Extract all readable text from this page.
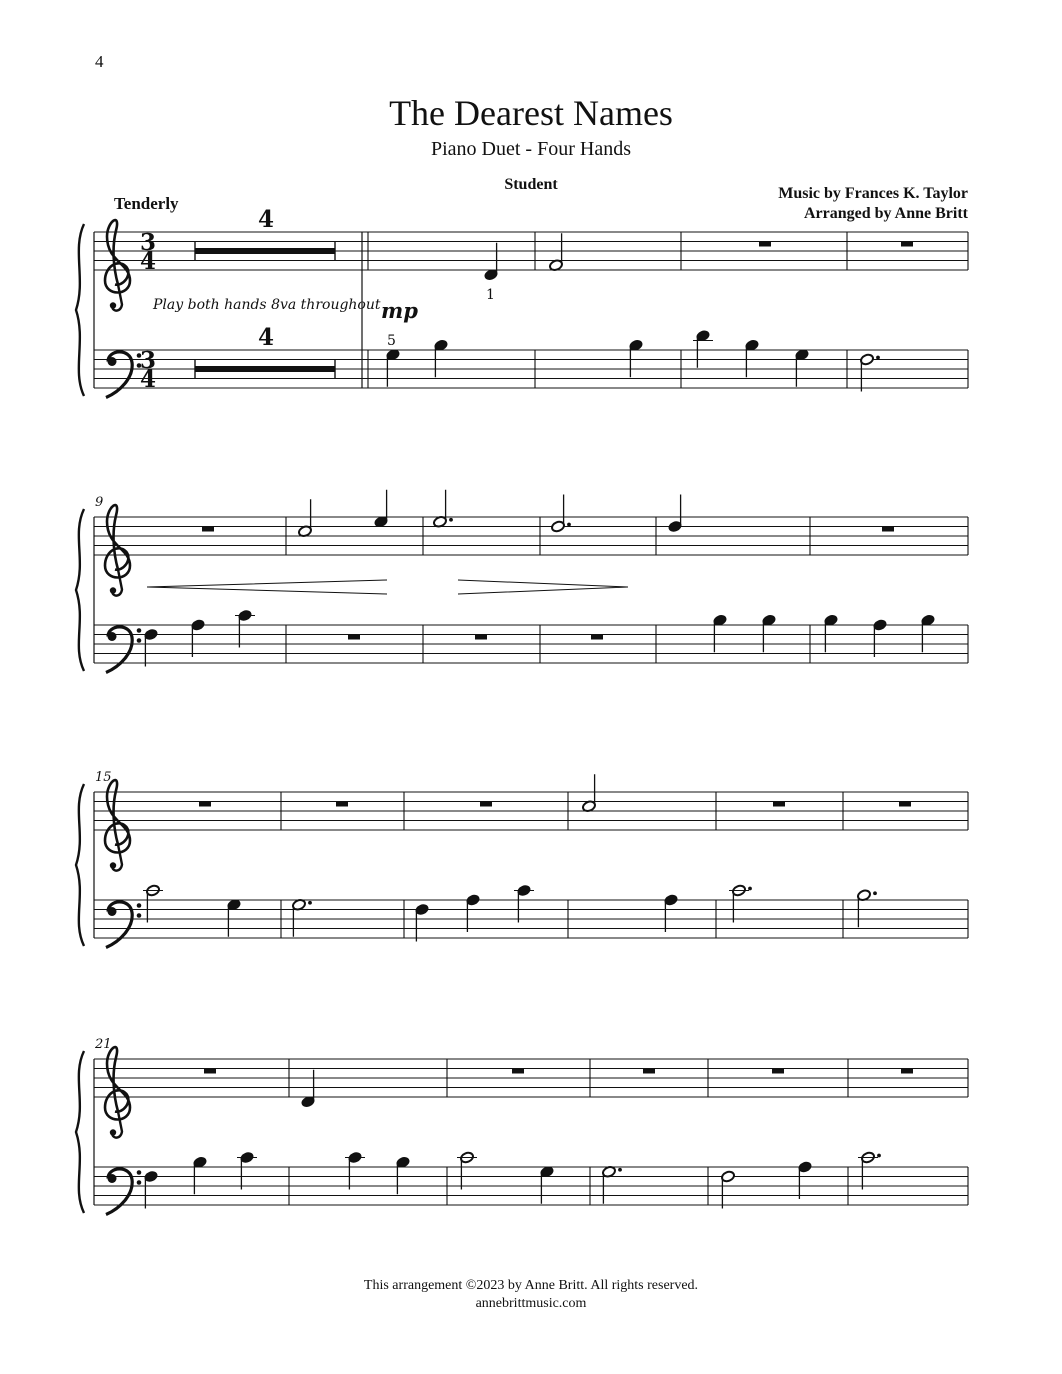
4
The Dearest Names
Piano Duet - Four Hands
Student
Tenderly
Music by Frances K. Taylor
Arranged by Anne Britt
3
4
4
3
4
4
Play both hands 8va throughout mp
1
5
9
15
21
This arrangement ©2023 by Anne Britt. All rights reserved.
annebrittmusic.com
